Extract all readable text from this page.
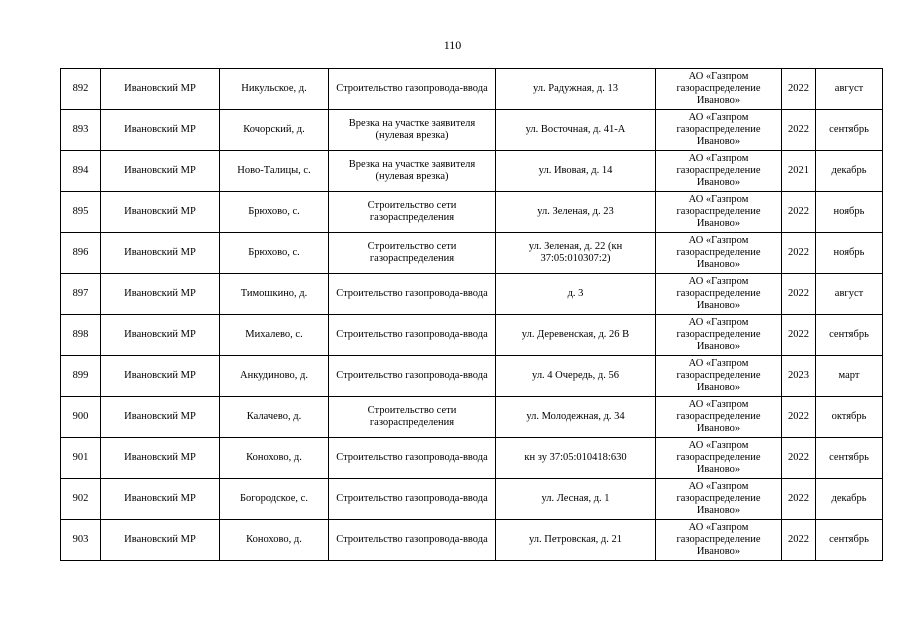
110
892	Ивановский МР	Никульское, д.	Строительство газопровода-ввода	ул. Радужная, д. 13	АО «Газпром газораспределение Иваново»	2022	август
893	Ивановский МР	Кочорский, д.	Врезка на участке заявителя (нулевая врезка)	ул. Восточная, д. 41-А	АО «Газпром газораспределение Иваново»	2022	сентябрь
894	Ивановский МР	Ново-Талицы, с.	Врезка на участке заявителя (нулевая врезка)	ул. Ивовая, д. 14	АО «Газпром газораспределение Иваново»	2021	декабрь
895	Ивановский МР	Брюхово, с.	Строительство сети газораспределения	ул. Зеленая, д. 23	АО «Газпром газораспределение Иваново»	2022	ноябрь
896	Ивановский МР	Брюхово, с.	Строительство сети газораспределения	ул. Зеленая, д. 22 (кн 37:05:010307:2)	АО «Газпром газораспределение Иваново»	2022	ноябрь
897	Ивановский МР	Тимошкино, д.	Строительство газопровода-ввода	д. 3	АО «Газпром газораспределение Иваново»	2022	август
898	Ивановский МР	Михалево, с.	Строительство газопровода-ввода	ул. Деревенская, д. 26 В	АО «Газпром газораспределение Иваново»	2022	сентябрь
899	Ивановский МР	Анкудиново, д.	Строительство газопровода-ввода	ул. 4 Очередь, д. 56	АО «Газпром газораспределение Иваново»	2023	март
900	Ивановский МР	Калачево, д.	Строительство сети газораспределения	ул. Молодежная, д. 34	АО «Газпром газораспределение Иваново»	2022	октябрь
901	Ивановский МР	Конохово, д.	Строительство газопровода-ввода	кн зу 37:05:010418:630	АО «Газпром газораспределение Иваново»	2022	сентябрь
902	Ивановский МР	Богородское, с.	Строительство газопровода-ввода	ул. Лесная, д. 1	АО «Газпром газораспределение Иваново»	2022	декабрь
903	Ивановский МР	Конохово, д.	Строительство газопровода-ввода	ул. Петровская, д. 21	АО «Газпром газораспределение Иваново»	2022	сентябрь
